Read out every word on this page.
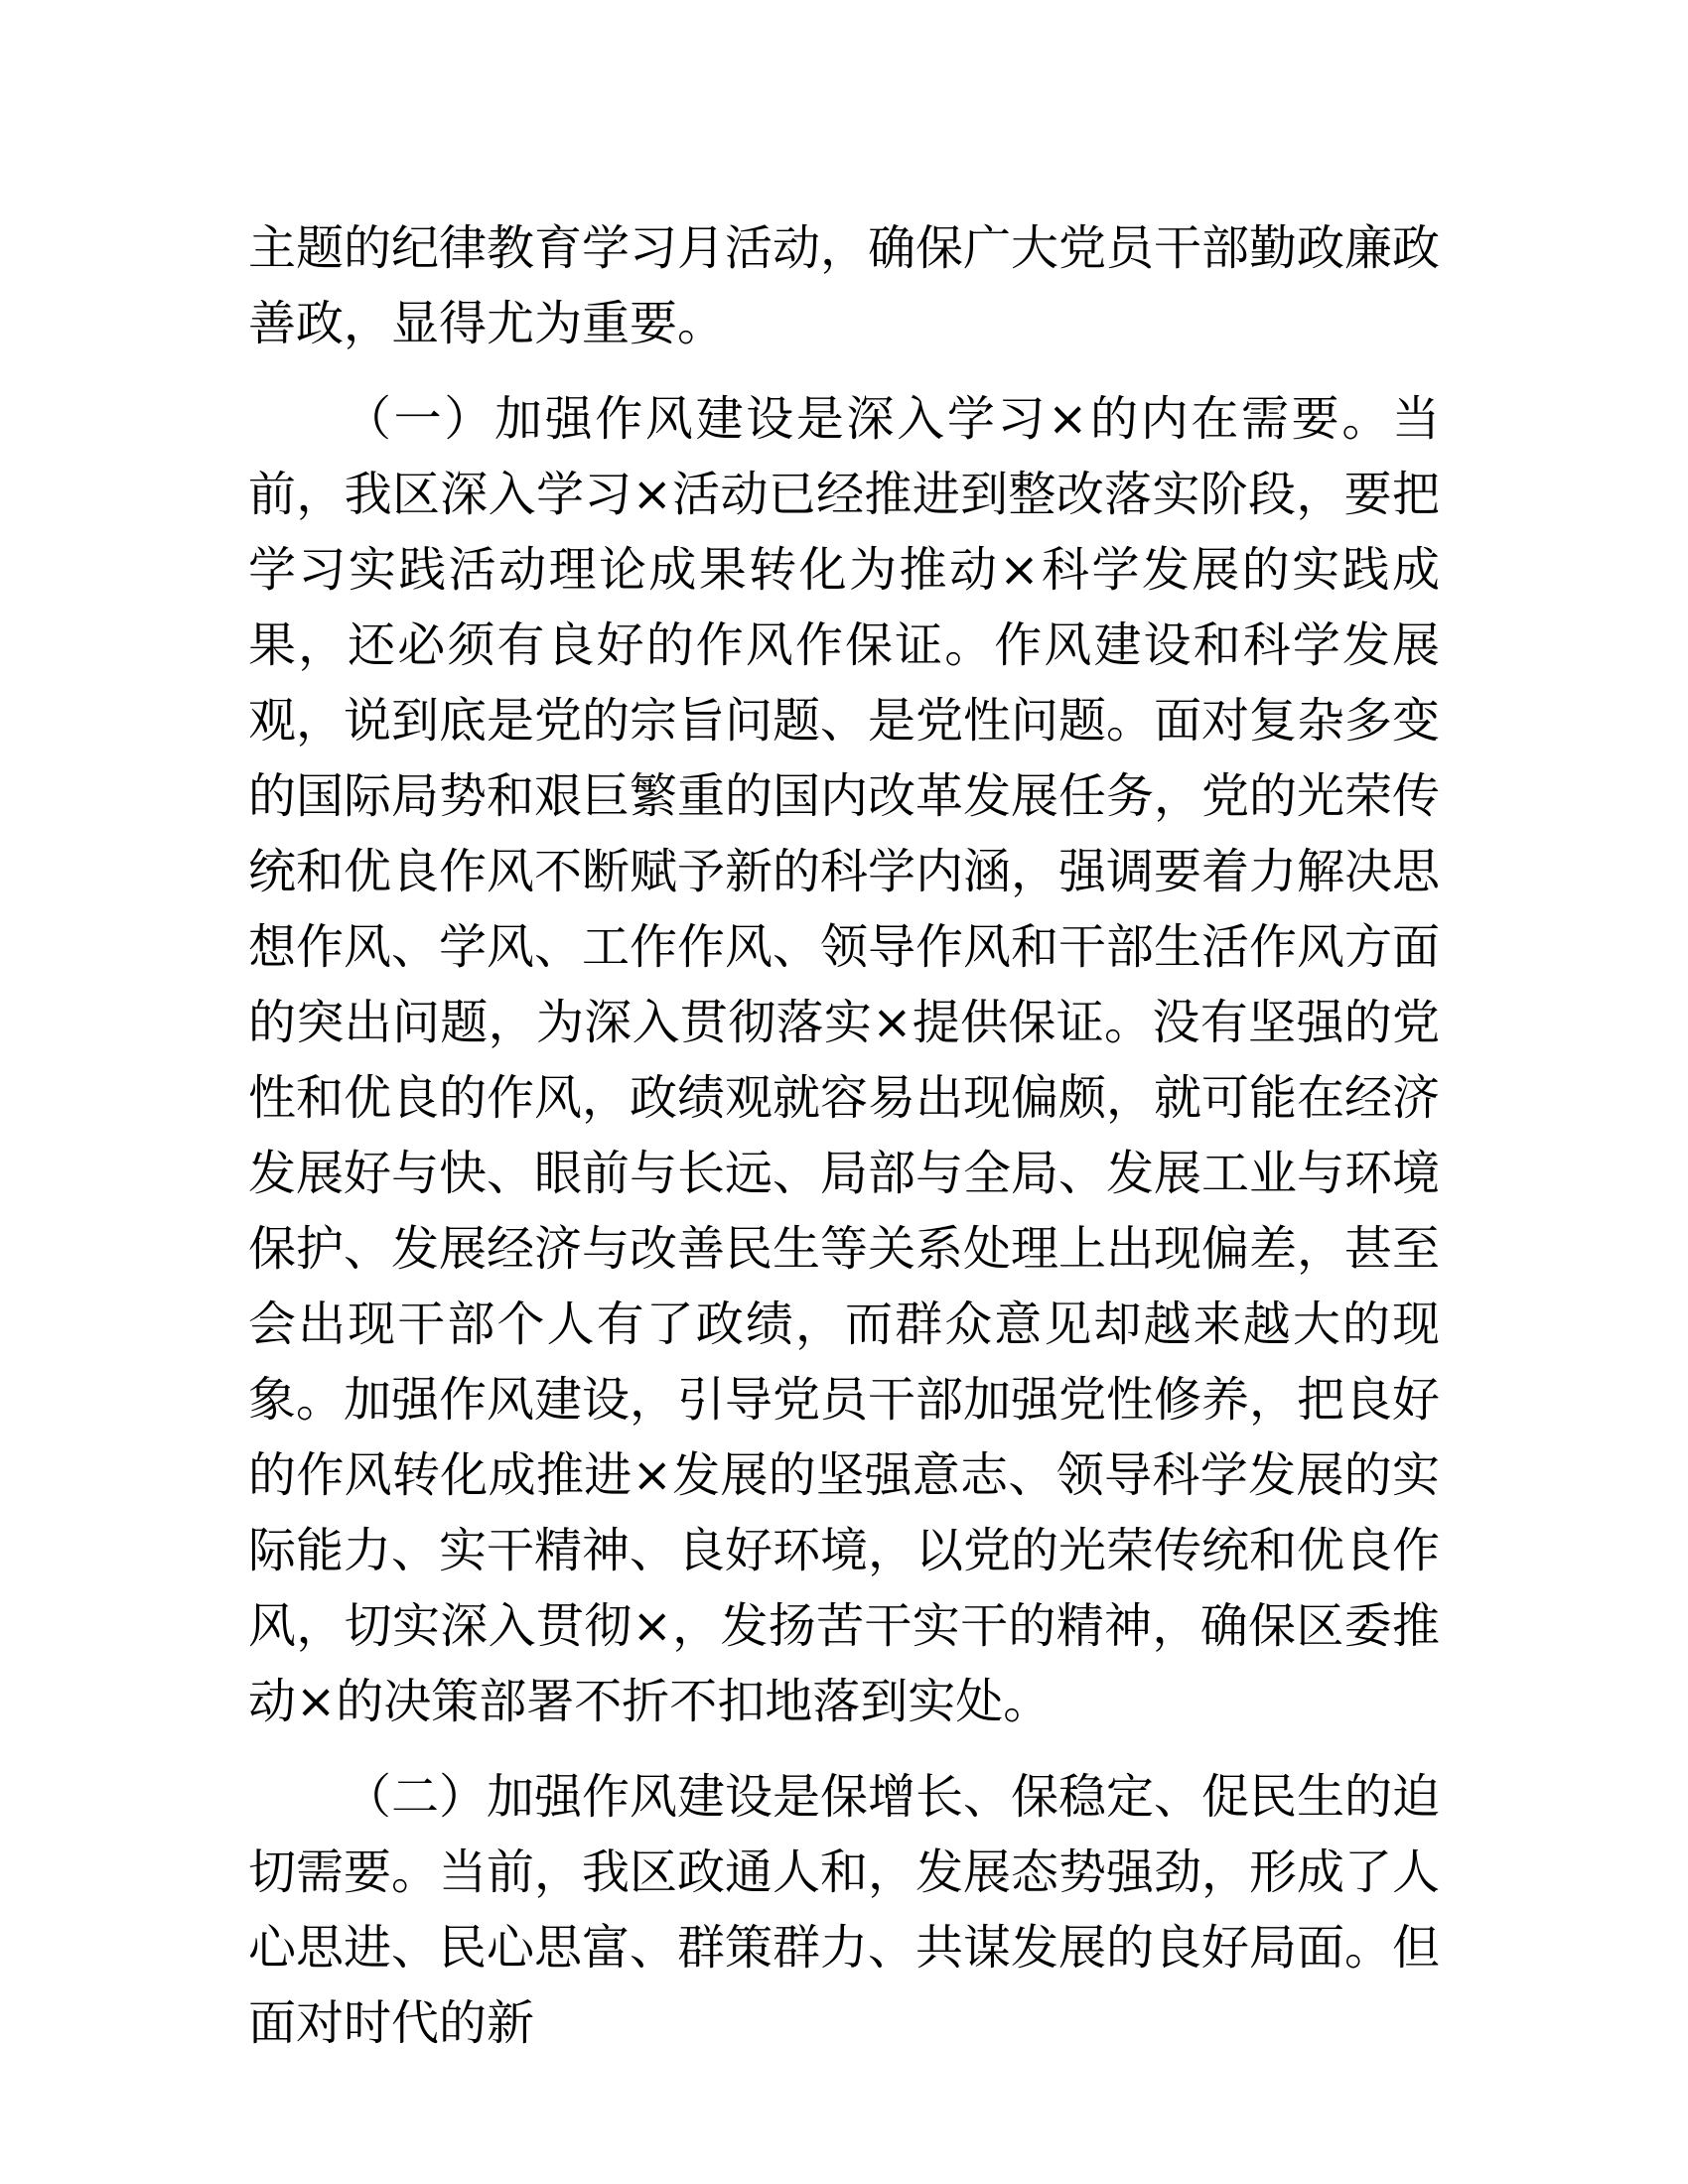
主题的纪律教育学习月活动，确保广大党员干部勤政廉政善政，显得尤为重要。

（一）加强作风建设是深入学习×的内在需要。当前，我区深入学习×活动已经推进到整改落实阶段，要把学习实践活动理论成果转化为推动×科学发展的实践成果，还必须有良好的作风作保证。作风建设和科学发展观，说到底是党的宗旨问题、是党性问题。面对复杂多变的国际局势和艰巨繁重的国内改革发展任务，党的光荣传统和优良作风不断赋予新的科学内涵，强调要着力解决思想作风、学风、工作作风、领导作风和干部生活作风方面的突出问题，为深入贯彻落实×提供保证。没有坚强的党性和优良的作风，政绩观就容易出现偏颇，就可能在经济发展好与快、眼前与长远、局部与全局、发展工业与环境保护、发展经济与改善民生等关系处理上出现偏差，甚至会出现干部个人有了政绩，而群众意见却越来越大的现象。加强作风建设，引导党员干部加强党性修养，把良好的作风转化成推进×发展的坚强意志、领导科学发展的实际能力、实干精神、良好环境，以党的光荣传统和优良作风，切实深入贯彻×，发扬苦干实干的精神，确保区委推动×的决策部署不折不扣地落到实处。

（二）加强作风建设是保增长、保稳定、促民生的迫切需要。当前，我区政通人和，发展态势强劲，形成了人心思进、民心思富、群策群力、共谋发展的良好局面。但面对时代的新
